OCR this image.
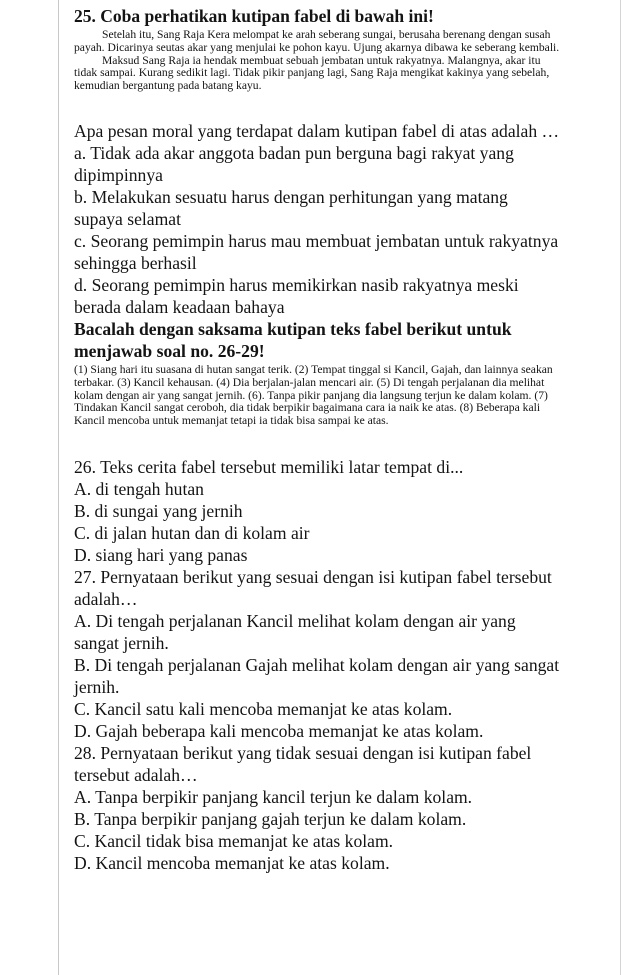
25. Coba perhatikan kutipan fabel di bawah ini!

Setelah itu, Sang Raja Kera melompat ke arah seberang sungai, berusaha berenang dengan susah payah. Dicarinya seutas akar yang menjulai ke pohon kayu. Ujung akarnya dibawa ke seberang kembali.

Maksud Sang Raja ia hendak membuat sebuah jembatan untuk rakyatnya. Malangnya, akar itu tidak sampai. Kurang sedikit lagi. Tidak pikir panjang lagi, Sang Raja mengikat kakinya yang sebelah, kemudian bergantung pada batang kayu.

Apa pesan moral yang terdapat dalam kutipan fabel di atas adalah …

a. Tidak ada akar anggota badan pun berguna bagi rakyat yang dipimpinnya

b. Melakukan sesuatu harus dengan perhitungan yang matang supaya selamat

c. Seorang pemimpin harus mau membuat jembatan untuk rakyatnya sehingga berhasil

d. Seorang pemimpin harus memikirkan nasib rakyatnya meski berada dalam keadaan bahaya

Bacalah dengan saksama kutipan teks fabel berikut untuk menjawab soal no. 26-29!

(1) Siang hari itu suasana di hutan sangat terik. (2) Tempat tinggal si Kancil, Gajah, dan lainnya seakan terbakar. (3) Kancil kehausan. (4) Dia berjalan-jalan mencari air. (5) Di tengah perjalanan dia melihat kolam dengan air yang sangat jernih. (6). Tanpa pikir panjang dia langsung terjun ke dalam kolam. (7) Tindakan Kancil sangat ceroboh, dia tidak berpikir bagaimana cara ia naik ke atas. (8) Beberapa kali Kancil mencoba untuk memanjat tetapi ia tidak bisa sampai ke atas.

26. Teks cerita fabel tersebut memiliki latar tempat di...

A. di tengah hutan

B. di sungai yang jernih

C. di jalan hutan dan di kolam air

D. siang hari yang panas

27. Pernyataan berikut yang sesuai dengan isi kutipan fabel tersebut adalah…

A. Di tengah perjalanan Kancil melihat kolam dengan air yang sangat jernih.

B. Di tengah perjalanan Gajah melihat kolam dengan air yang sangat jernih.

C. Kancil satu kali mencoba memanjat ke atas kolam.

D. Gajah beberapa kali mencoba memanjat ke atas kolam.

28. Pernyataan berikut yang tidak sesuai dengan isi kutipan fabel tersebut adalah…

A. Tanpa berpikir panjang kancil terjun ke dalam kolam.

B. Tanpa berpikir panjang gajah terjun ke dalam kolam.

C. Kancil tidak bisa memanjat ke atas kolam.

D. Kancil mencoba memanjat ke atas kolam.
